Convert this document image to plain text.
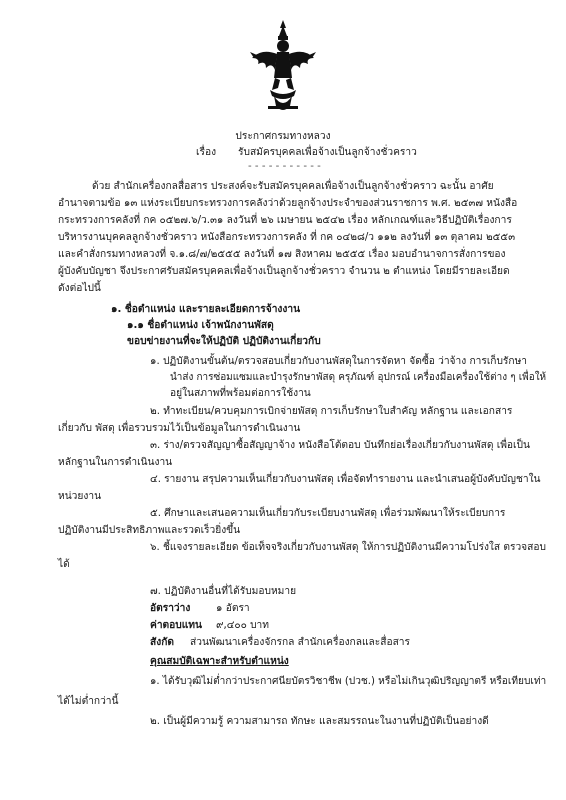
ประกาศกรมทางหลวง
เรื่อง รับสมัครบุคคลเพื่อจ้างเป็นลูกจ้างชั่วคราว
- - - - - - - - - - -
ด้วย สำนักเครื่องกลสื่อสาร ประสงค์จะรับสมัครบุคคลเพื่อจ้างเป็นลูกจ้างชั่วคราว ฉะนั้น อาศัย
อำนาจตามข้อ ๑๓ แห่งระเบียบกระทรวงการคลังว่าด้วยลูกจ้างประจำของส่วนราชการ พ.ศ. ๒๕๓๗ หนังสือ
กระทรวงการคลังที่ กค ๐๕๒๗.๖/ว.๓๑ ลงวันที่ ๒๖ เมษายน ๒๕๔๒ เรื่อง หลักเกณฑ์และวิธีปฏิบัติเรื่องการ
บริหารงานบุคคลลูกจ้างชั่วคราว หนังสือกระทรวงการคลัง ที่ กค ๐๔๒๘/ว ๑๑๒ ลงวันที่ ๑๓ ตุลาคม ๒๕๕๓
และคำสั่งกรมทางหลวงที่ จ.๑.๘/๗/๒๕๕๕ ลงวันที่ ๑๗ สิงหาคม ๒๕๕๕ เรื่อง มอบอำนาจการสั่งการของ
ผู้บังคับบัญชา จึงประกาศรับสมัครบุคคลเพื่อจ้างเป็นลูกจ้างชั่วคราว จำนวน ๒ ตำแหน่ง โดยมีรายละเอียด
ดังต่อไปนี้
๑. ชื่อตำแหน่ง และรายละเอียดการจ้างงาน
๑.๑ ชื่อตำแหน่ง เจ้าพนักงานพัสดุ
ขอบข่ายงานที่จะให้ปฏิบัติ ปฏิบัติงานเกี่ยวกับ
๑. ปฏิบัติงานขั้นต้น/ตรวจสอบเกี่ยวกับงานพัสดุในการจัดหา จัดซื้อ ว่าจ้าง การเก็บรักษา
นำส่ง การซ่อมแซมและบำรุงรักษาพัสดุ ครุภัณฑ์ อุปกรณ์ เครื่องมือเครื่องใช้ต่าง ๆ เพื่อให้
อยู่ในสภาพที่พร้อมต่อการใช้งาน
๒. ทำทะเบียน/ควบคุมการเบิกจ่ายพัสดุ การเก็บรักษาใบสำคัญ หลักฐาน และเอกสาร
เกี่ยวกับ พัสดุ เพื่อรวบรวมไว้เป็นข้อมูลในการดำเนินงาน
๓. ร่าง/ตรวจสัญญาซื้อสัญญาจ้าง หนังสือโต้ตอบ บันทึกย่อเรื่องเกี่ยวกับงานพัสดุ เพื่อเป็น
หลักฐานในการดำเนินงาน
๔. รายงาน สรุปความเห็นเกี่ยวกับงานพัสดุ เพื่อจัดทำรายงาน และนำเสนอผู้บังคับบัญชาใน
หน่วยงาน
๕. ศึกษาและเสนอความเห็นเกี่ยวกับระเบียบงานพัสดุ เพื่อร่วมพัฒนาให้ระเบียบการ
ปฏิบัติงานมีประสิทธิภาพและรวดเร็วยิ่งขึ้น
๖. ชี้แจงรายละเอียด ข้อเท็จจริงเกี่ยวกับงานพัสดุ ให้การปฏิบัติงานมีความโปร่งใส ตรวจสอบ
ได้
๗. ปฏิบัติงานอื่นที่ได้รับมอบหมาย
อัตราว่าง	๑ อัตรา
ค่าตอบแทน ๙,๔๐๐ บาท
สังกัด ส่วนพัฒนาเครื่องจักรกล สำนักเครื่องกลและสื่อสาร
คุณสมบัติเฉพาะสำหรับตำแหน่ง
๑. ได้รับวุฒิไม่ต่ำกว่าประกาศนียบัตรวิชาชีพ (ปวช.) หรือไม่เกินวุฒิปริญญาตรี หรือเทียบเท่า
ได้ไม่ต่ำกว่านี้
๒. เป็นผู้มีความรู้ ความสามารถ ทักษะ และสมรรถนะในงานที่ปฏิบัติเป็นอย่างดี
